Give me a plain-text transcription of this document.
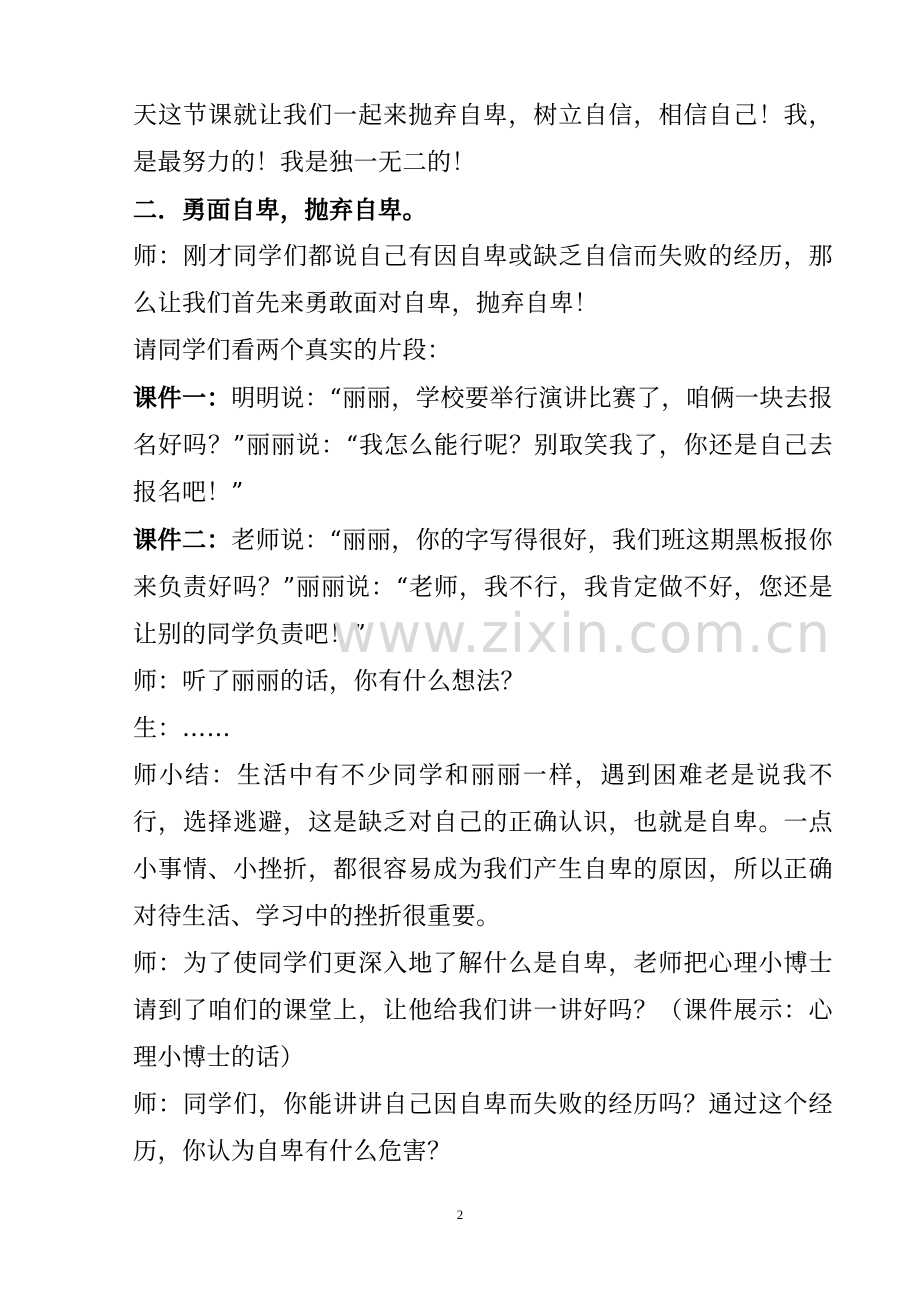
天这节课就让我们一起来抛弃自卑，树立自信，相信自己！我，是最努力的！我是独一无二的！

二．勇面自卑，抛弃自卑。

师：刚才同学们都说自己有因自卑或缺乏自信而失败的经历，那么让我们首先来勇敢面对自卑，抛弃自卑！

请同学们看两个真实的片段：

课件一：明明说：“丽丽，学校要举行演讲比赛了，咱俩一块去报名好吗？”丽丽说：“我怎么能行呢？别取笑我了，你还是自己去报名吧！”

课件二：老师说：“丽丽，你的字写得很好，我们班这期黑板报你来负责好吗？”丽丽说：“老师，我不行，我肯定做不好，您还是让别的同学负责吧！”

师：听了丽丽的话，你有什么想法？

生：……

师小结：生活中有不少同学和丽丽一样，遇到困难老是说我不行，选择逃避，这是缺乏对自己的正确认识，也就是自卑。一点小事情、小挫折，都很容易成为我们产生自卑的原因，所以正确对待生活、学习中的挫折很重要。

师：为了使同学们更深入地了解什么是自卑，老师把心理小博士请到了咱们的课堂上，让他给我们讲一讲好吗？（课件展示：心理小博士的话）

师：同学们，你能讲讲自己因自卑而失败的经历吗？通过这个经历，你认为自卑有什么危害？

www.zixin.com.cn
2
